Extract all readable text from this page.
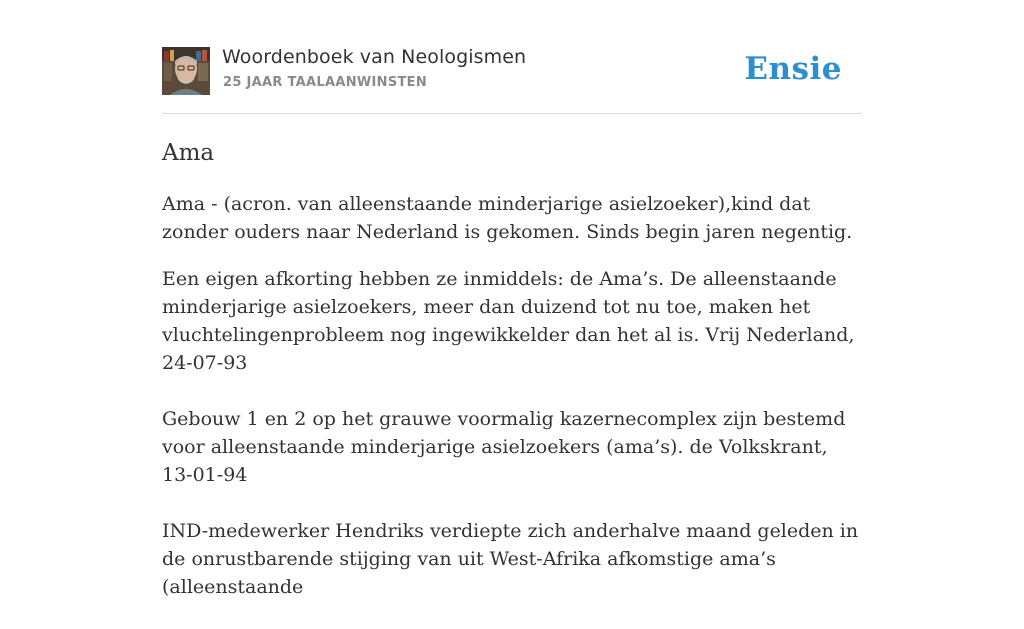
Woordenboek van Neologismen
25 JAAR TAALAANWINSTEN	Ensie
Ama

Ama - (acron. van alleenstaande minderjarige asielzoeker),kind dat zonder ouders naar Nederland is gekomen. Sinds begin jaren negentig.

Een eigen afkorting hebben ze inmiddels: de Ama’s. De alleenstaande minderjarige asielzoekers, meer dan duizend tot nu toe, maken het vluchtelingenprobleem nog ingewikkelder dan het al is. Vrij Nederland, 24-07-93

Gebouw 1 en 2 op het grauwe voormalig kazernecomplex zijn bestemd voor alleenstaande minderjarige asielzoekers (ama’s). de Volkskrant, 13-01-94

IND-medewerker Hendriks verdiepte zich anderhalve maand geleden in de onrustbarende stijging van uit West-Afrika afkomstige ama’s (alleenstaande
